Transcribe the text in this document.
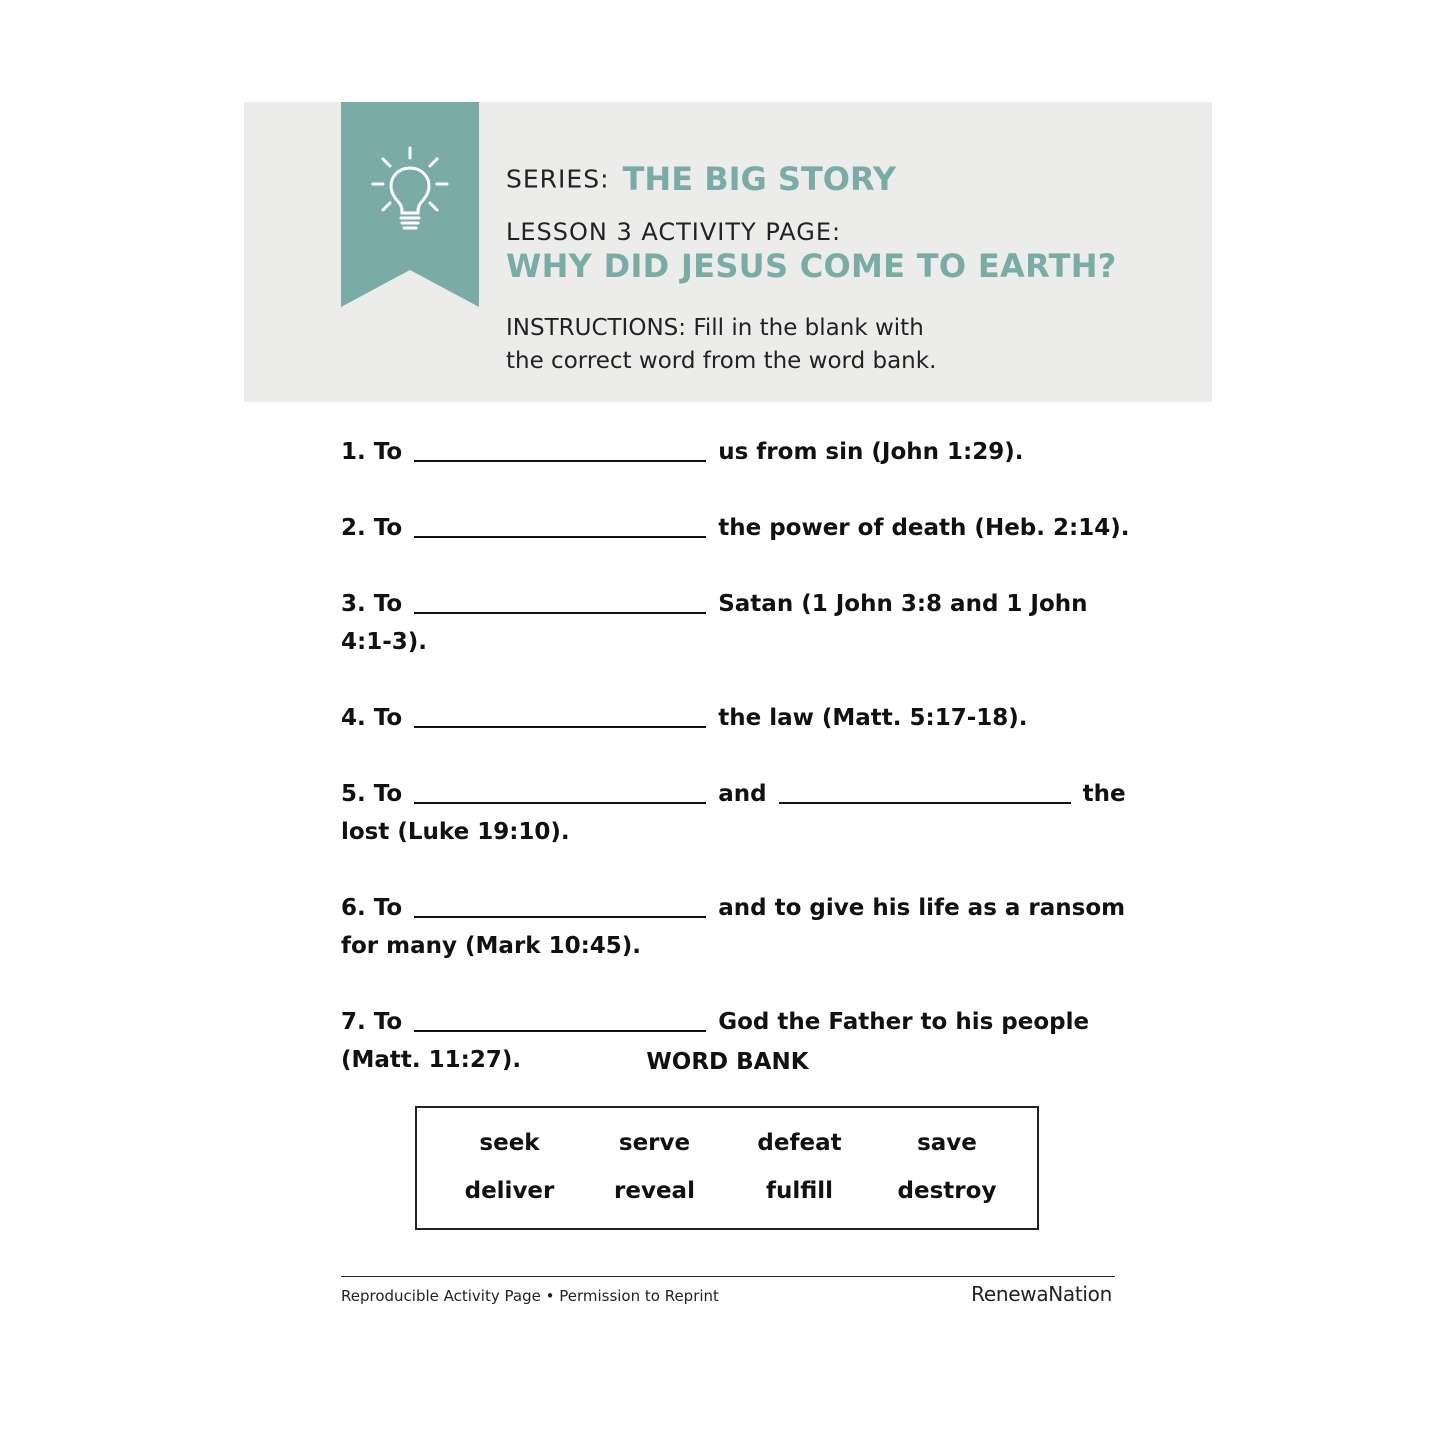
SERIES: THE BIG STORY
LESSON 3 ACTIVITY PAGE:
WHY DID JESUS COME TO EARTH?
INSTRUCTIONS: Fill in the blank with
the correct word from the word bank.
1. To	us from sin (John 1:29).
2. To	the power of death (Heb. 2:14).
3. To	Satan (1 John 3:8 and 1 John 4:1-3).
4. To	the law (Matt. 5:17-18).
5. To	and	the lost (Luke 19:10).
6. To	and to give his life as a ransom for many (Mark 10:45).
7. To	God the Father to his people (Matt. 11:27).	WORD BANK
seek	serve	defeat	save
deliver	reveal	fulfill	destroy
Reproducible Activity Page • Permission to Reprint	RenewaNation
